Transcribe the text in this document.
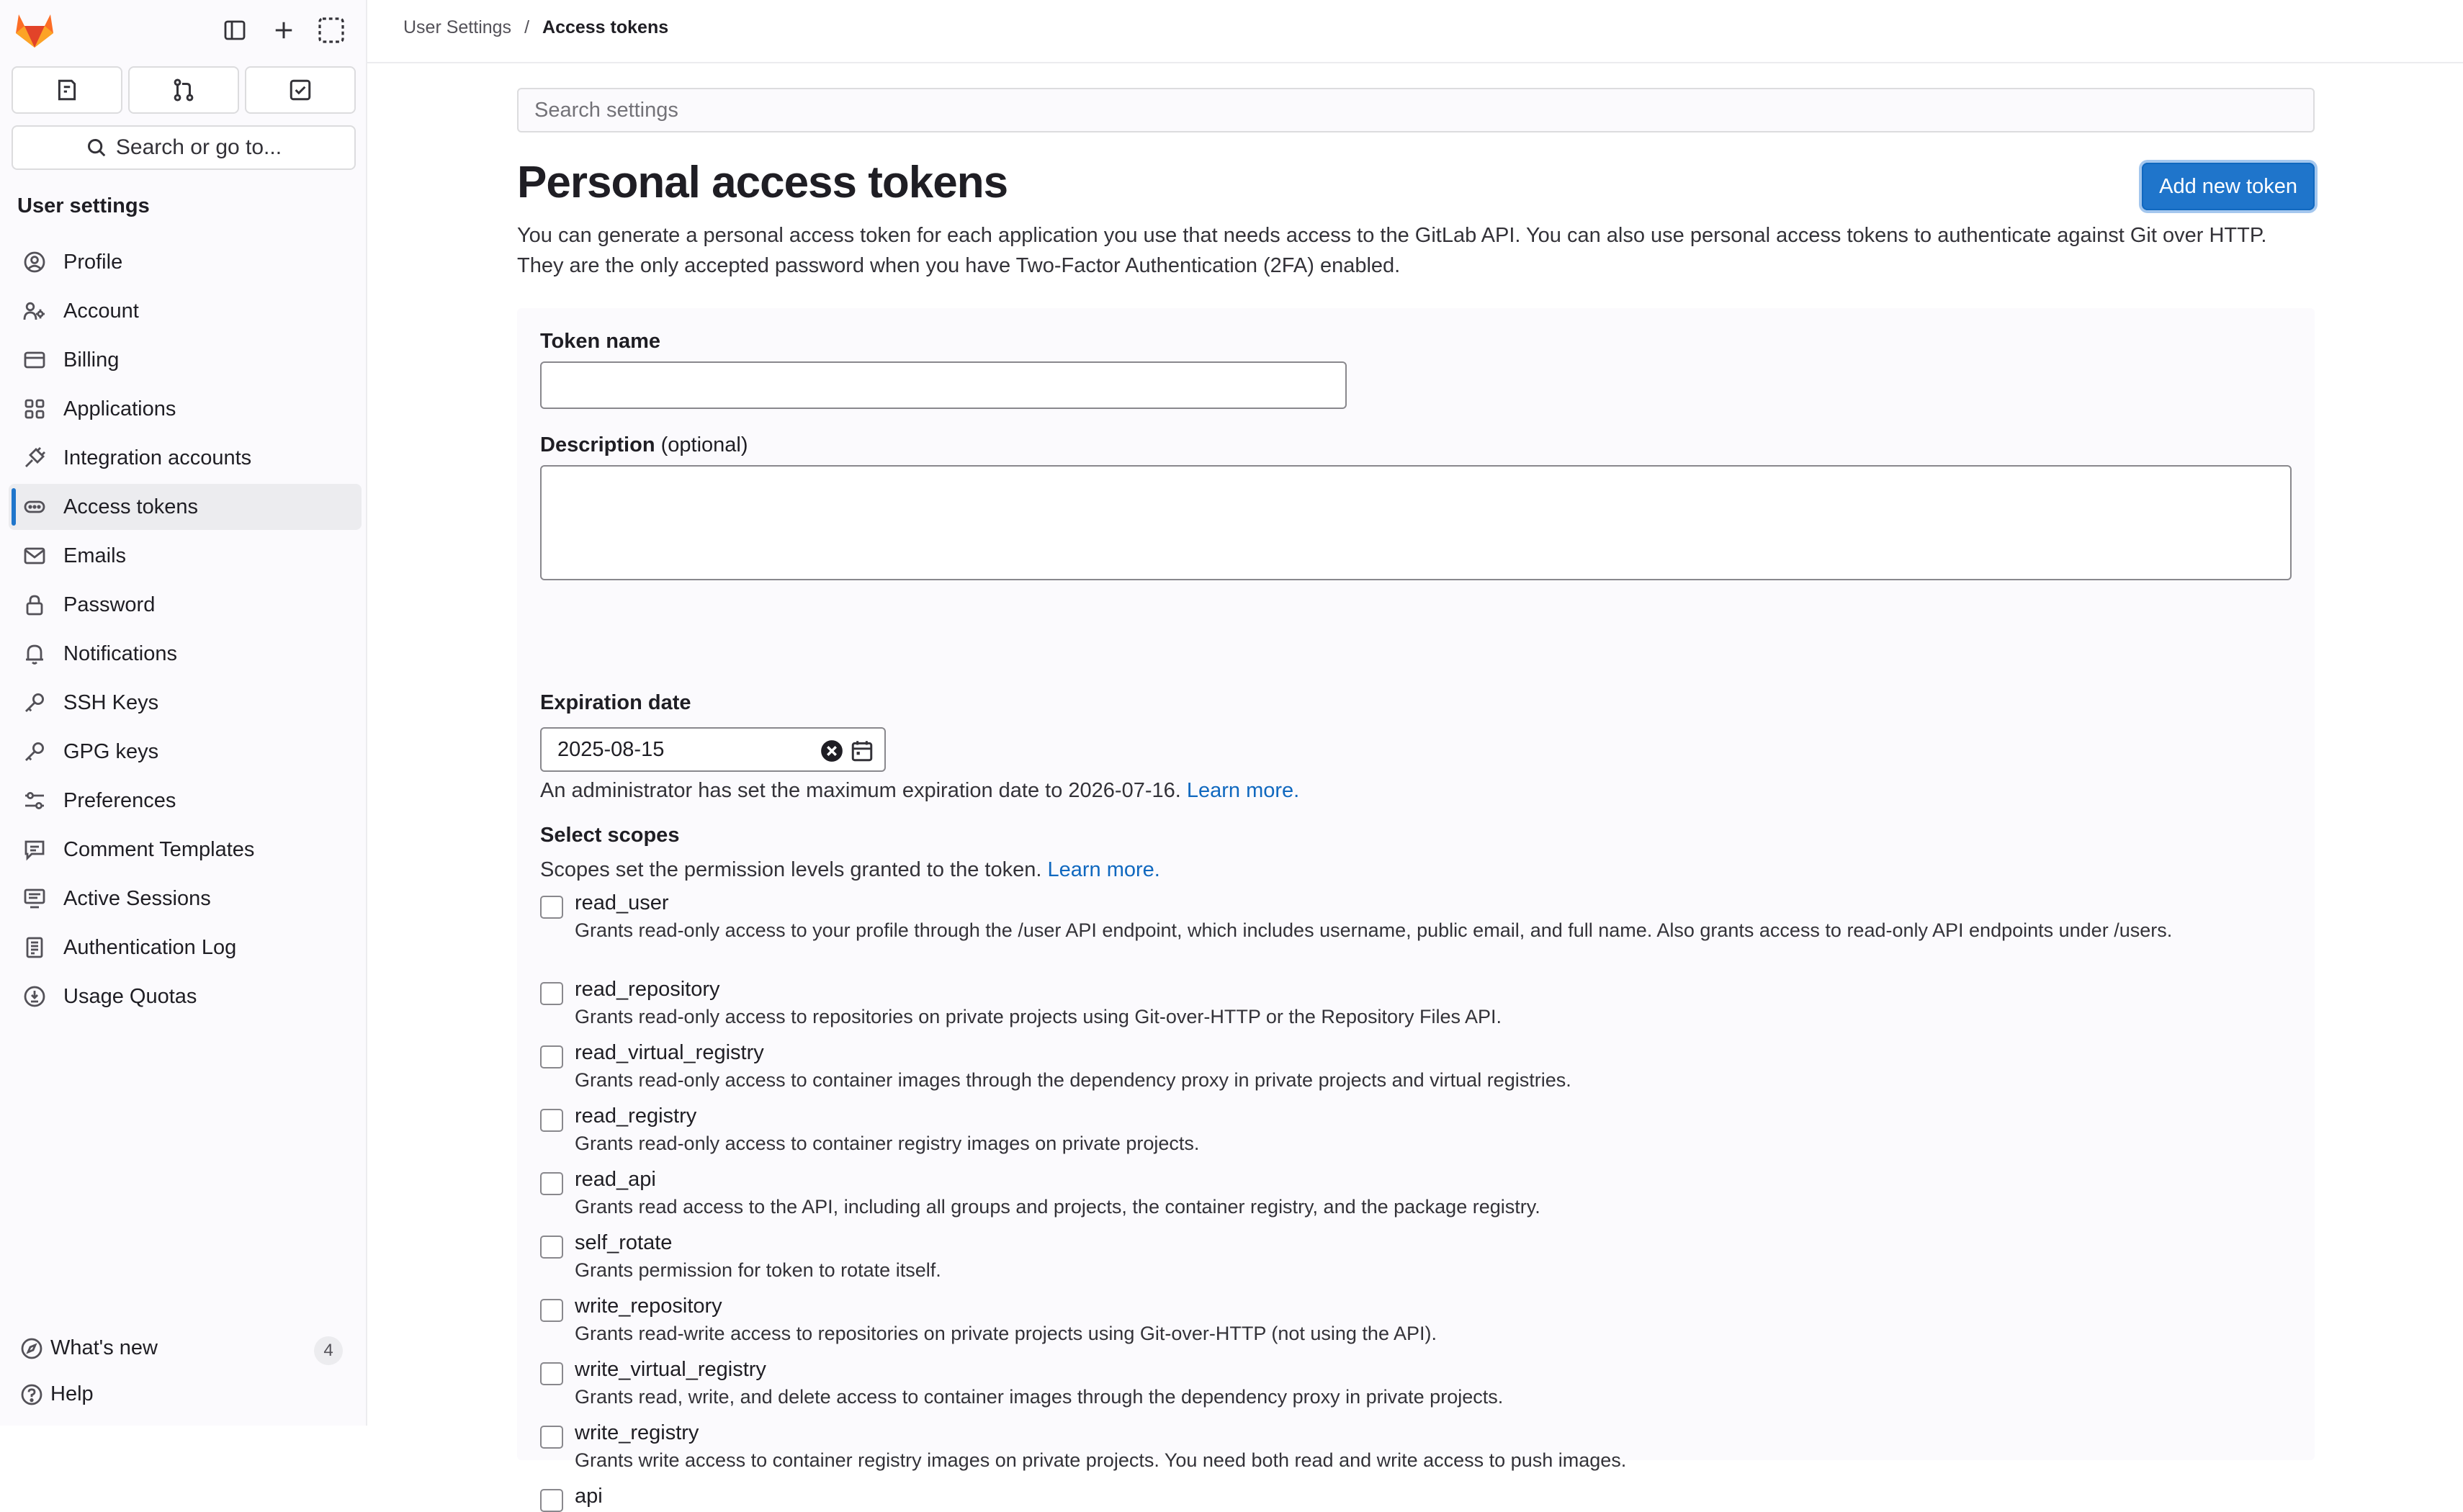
Search or go to...
User settings
Profile
Account
Billing
Applications
Integration accounts
Access tokens
Emails
Password
Notifications
SSH Keys
GPG keys
Preferences
Comment Templates
Active Sessions
Authentication Log
Usage Quotas
What's new	4
Help
User Settings / Access tokens
Search settings
Personal access tokens	Add new token

You can generate a personal access token for each application you use that needs access to the GitLab API. You can also use personal access tokens to authenticate against Git over HTTP. They are the only accepted password when you have Two-Factor Authentication (2FA) enabled.

Token name
Description (optional)
Expiration date
2025-08-15
An administrator has set the maximum expiration date to 2026-07-16. Learn more.
Select scopes
Scopes set the permission levels granted to the token. Learn more.
read_user
Grants read-only access to your profile through the /user API endpoint, which includes username, public email, and full name. Also grants access to read-only API endpoints under /users.
read_repository
Grants read-only access to repositories on private projects using Git-over-HTTP or the Repository Files API.
read_virtual_registry
Grants read-only access to container images through the dependency proxy in private projects and virtual registries.
read_registry
Grants read-only access to container registry images on private projects.
read_api
Grants read access to the API, including all groups and projects, the container registry, and the package registry.
self_rotate
Grants permission for token to rotate itself.
write_repository
Grants read-write access to repositories on private projects using Git-over-HTTP (not using the API).
write_virtual_registry
Grants read, write, and delete access to container images through the dependency proxy in private projects.
write_registry
Grants write access to container registry images on private projects. You need both read and write access to push images.
api
